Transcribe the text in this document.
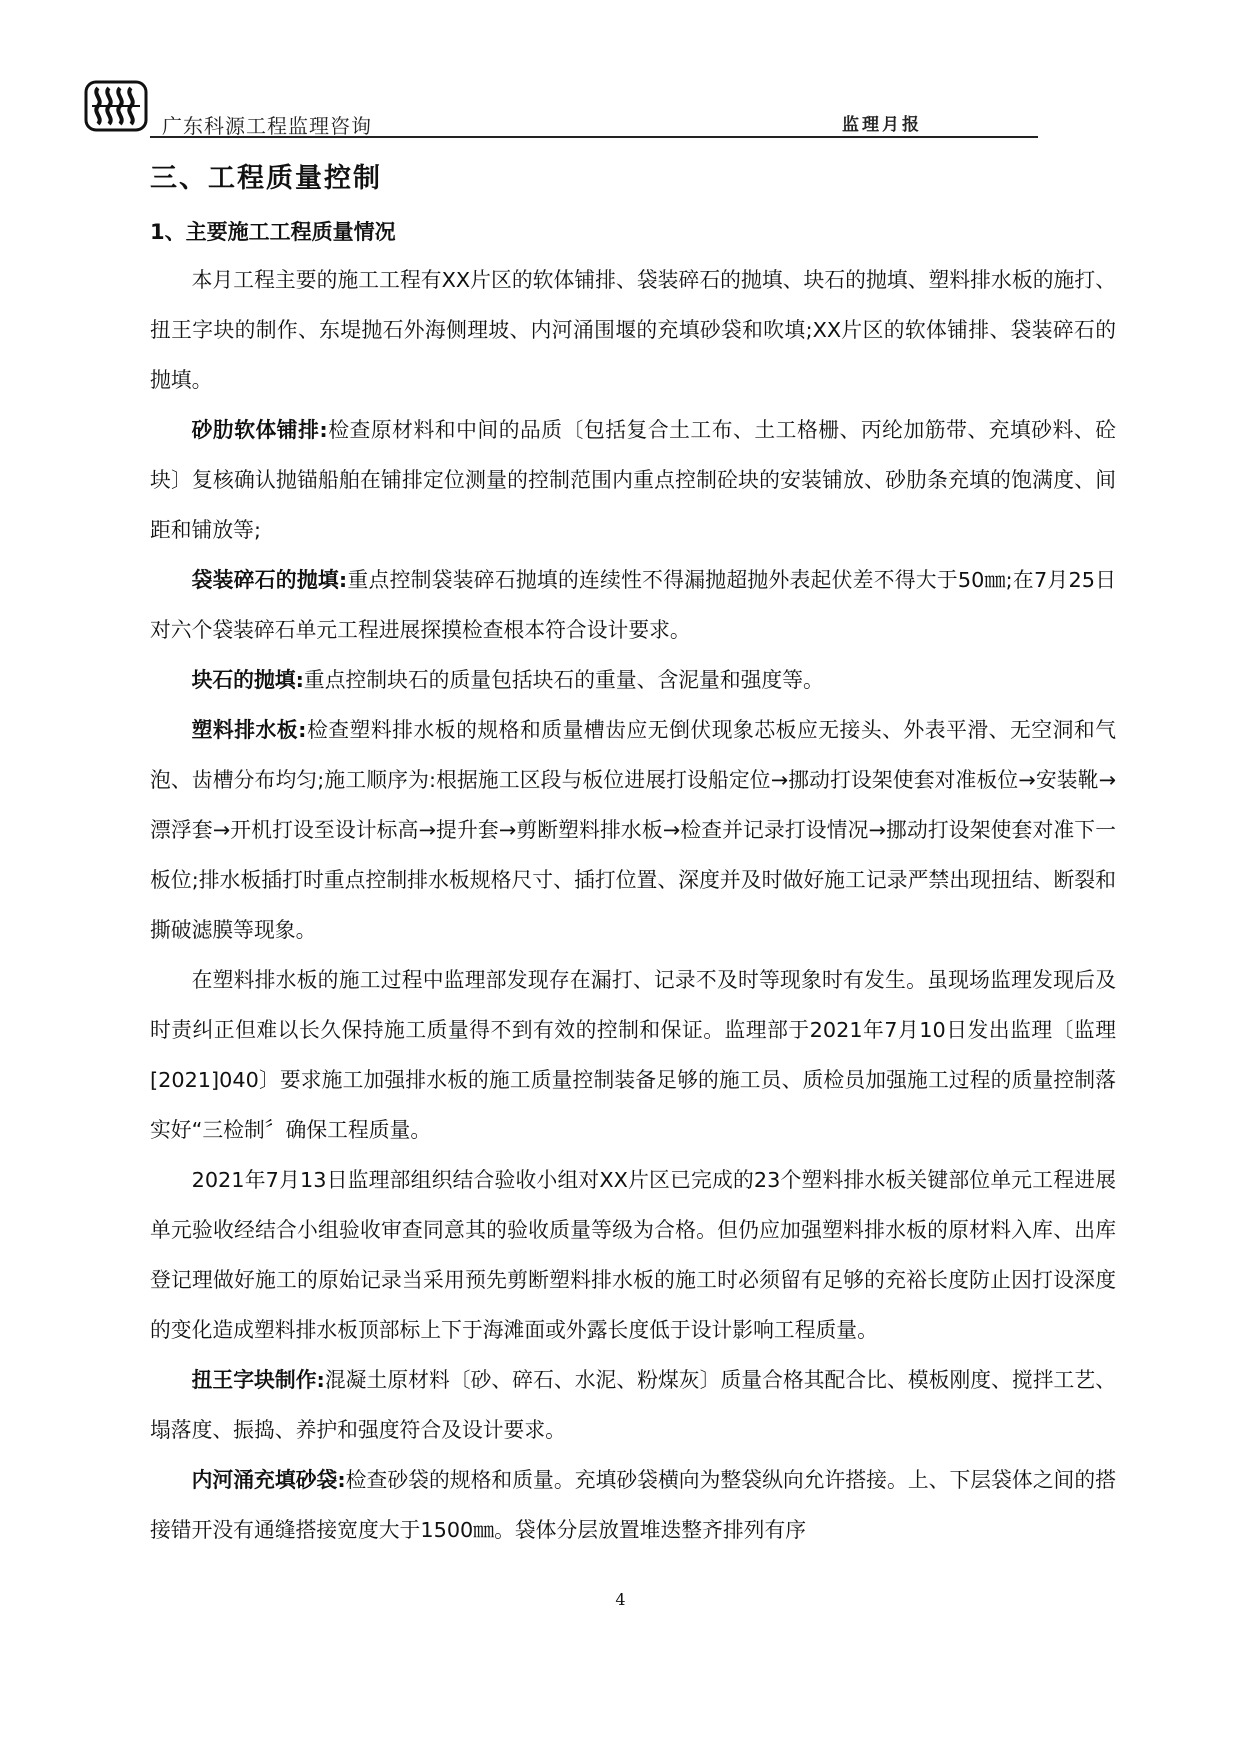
广东科源工程监理咨询	监理月报
三、工程质量控制
1、主要施工工程质量情况

本月工程主要的施工工程有XX片区的软体铺排、袋装碎石的抛填、块石的抛填、塑料排水板的施打、扭王字块的制作、东堤抛石外海侧理坡、内河涌围堰的充填砂袋和吹填;XX片区的软体铺排、袋装碎石的抛填。

砂肋软体铺排:检查原材料和中间的品质〔包括复合土工布、土工格栅、丙纶加筋带、充填砂料、砼块〕复核确认抛锚船舶在铺排定位测量的控制范围内重点控制砼块的安装铺放、砂肋条充填的饱满度、间距和铺放等;

袋装碎石的抛填:重点控制袋装碎石抛填的连续性不得漏抛超抛外表起伏差不得大于50㎜;在7月25日对六个袋装碎石单元工程进展探摸检查根本符合设计要求。

块石的抛填:重点控制块石的质量包括块石的重量、含泥量和强度等。

塑料排水板:检查塑料排水板的规格和质量槽齿应无倒伏现象芯板应无接头、外表平滑、无空洞和气泡、齿槽分布均匀;施工顺序为:根据施工区段与板位进展打设船定位→挪动打设架使套对准板位→安装靴→漂浮套→开机打设至设计标高→提升套→剪断塑料排水板→检查并记录打设情况→挪动打设架使套对准下一板位;排水板插打时重点控制排水板规格尺寸、插打位置、深度并及时做好施工记录严禁出现扭结、断裂和撕破滤膜等现象。

在塑料排水板的施工过程中监理部发现存在漏打、记录不及时等现象时有发生。虽现场监理发现后及时责纠正但难以长久保持施工质量得不到有效的控制和保证。监理部于2021年7月10日发出监理〔监理[2021]040〕要求施工加强排水板的施工质量控制装备足够的施工员、质检员加强施工过程的质量控制落实好“三检制〞确保工程质量。

2021年7月13日监理部组织结合验收小组对XX片区已完成的23个塑料排水板关键部位单元工程进展单元验收经结合小组验收审查同意其的验收质量等级为合格。但仍应加强塑料排水板的原材料入库、出库登记理做好施工的原始记录当采用预先剪断塑料排水板的施工时必须留有足够的充裕长度防止因打设深度的变化造成塑料排水板顶部标上下于海滩面或外露长度低于设计影响工程质量。

扭王字块制作:混凝土原材料〔砂、碎石、水泥、粉煤灰〕质量合格其配合比、模板刚度、搅拌工艺、塌落度、振捣、养护和强度符合及设计要求。

内河涌充填砂袋:检查砂袋的规格和质量。充填砂袋横向为整袋纵向允许搭接。上、下层袋体之间的搭接错开没有通缝搭接宽度大于1500㎜。袋体分层放置堆迭整齐排列有序

4
